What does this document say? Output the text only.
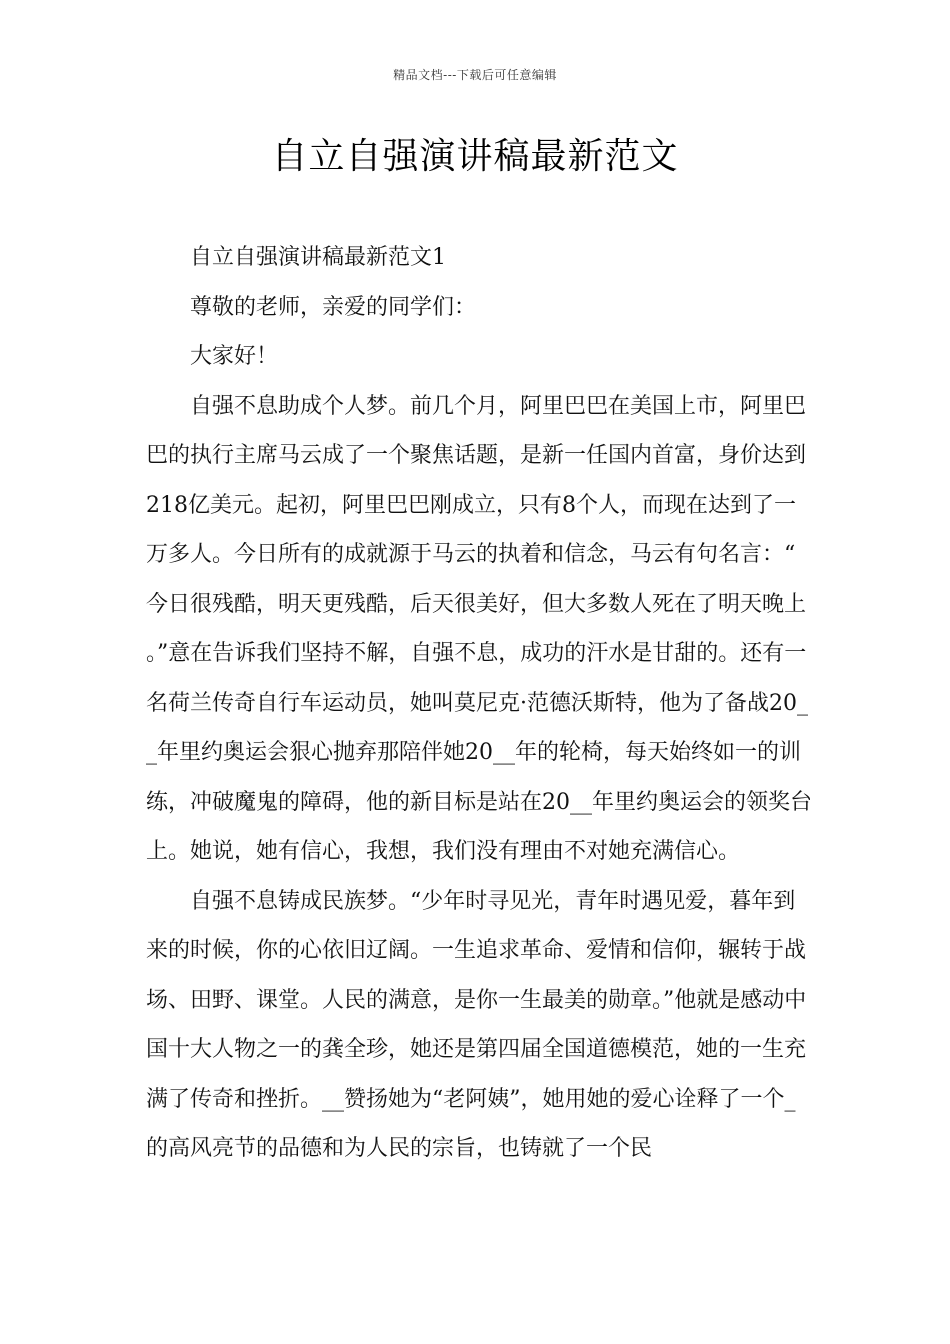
精品文档---下载后可任意编辑
自立自强演讲稿最新范文

自立自强演讲稿最新范文1

尊敬的老师，亲爱的同学们：

大家好！

自强不息助成个人梦。前几个月，阿里巴巴在美国上市，阿里巴巴的执行主席马云成了一个聚焦话题，是新一任国内首富，身价达到218亿美元。起初，阿里巴巴刚成立，只有8个人，而现在达到了一万多人。今日所有的成就源于马云的执着和信念，马云有句名言：“今日很残酷，明天更残酷，后天很美好，但大多数人死在了明天晚上。”意在告诉我们坚持不解，自强不息，成功的汗水是甘甜的。还有一名荷兰传奇自行车运动员，她叫莫尼克·范德沃斯特，他为了备战20__年里约奥运会狠心抛弃那陪伴她20__年的轮椅，每天始终如一的训练，冲破魔鬼的障碍，他的新目标是站在20__年里约奥运会的领奖台上。她说，她有信心，我想，我们没有理由不对她充满信心。

自强不息铸成民族梦。“少年时寻见光，青年时遇见爱，暮年到来的时候，你的心依旧辽阔。一生追求革命、爱情和信仰，辗转于战场、田野、课堂。人民的满意，是你一生最美的勋章。”他就是感动中国十大人物之一的龚全珍，她还是第四届全国道德模范，她的一生充满了传奇和挫折。__赞扬她为“老阿姨”，她用她的爱心诠释了一个_的高风亮节的品德和为人民的宗旨，也铸就了一个民
